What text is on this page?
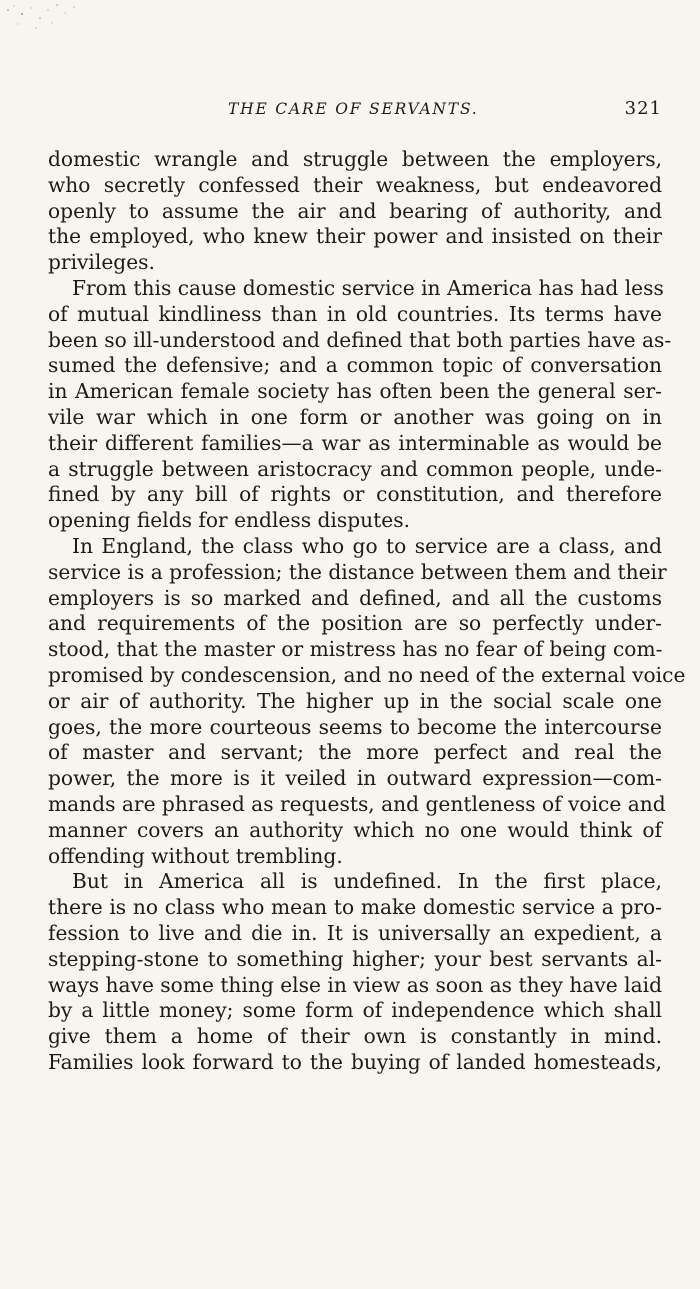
THE CARE OF SERVANTS.	321
domestic wrangle and struggle between the employers,
who secretly confessed their weakness, but endeavored
openly to assume the air and bearing of authority, and
the employed, who knew their power and insisted on their
privileges.
From this cause domestic service in America has had less
of mutual kindliness than in old countries. Its terms have
been so ill-understood and defined that both parties have as-
sumed the defensive; and a common topic of conversation
in American female society has often been the general ser-
vile war which in one form or another was going on in
their different families—a war as interminable as would be
a struggle between aristocracy and common people, unde-
fined by any bill of rights or constitution, and therefore
opening fields for endless disputes.
In England, the class who go to service are a class, and
service is a profession; the distance between them and their
employers is so marked and defined, and all the customs
and requirements of the position are so perfectly under-
stood, that the master or mistress has no fear of being com-
promised by condescension, and no need of the external voice
or air of authority. The higher up in the social scale one
goes, the more courteous seems to become the intercourse
of master and servant; the more perfect and real the
power, the more is it veiled in outward expression—com-
mands are phrased as requests, and gentleness of voice and
manner covers an authority which no one would think of
offending without trembling.
But in America all is undefined. In the first place,
there is no class who mean to make domestic service a pro-
fession to live and die in. It is universally an expedient, a
stepping-stone to something higher; your best servants al-
ways have some thing else in view as soon as they have laid
by a little money; some form of independence which shall
give them a home of their own is constantly in mind.
Families look forward to the buying of landed homesteads,
